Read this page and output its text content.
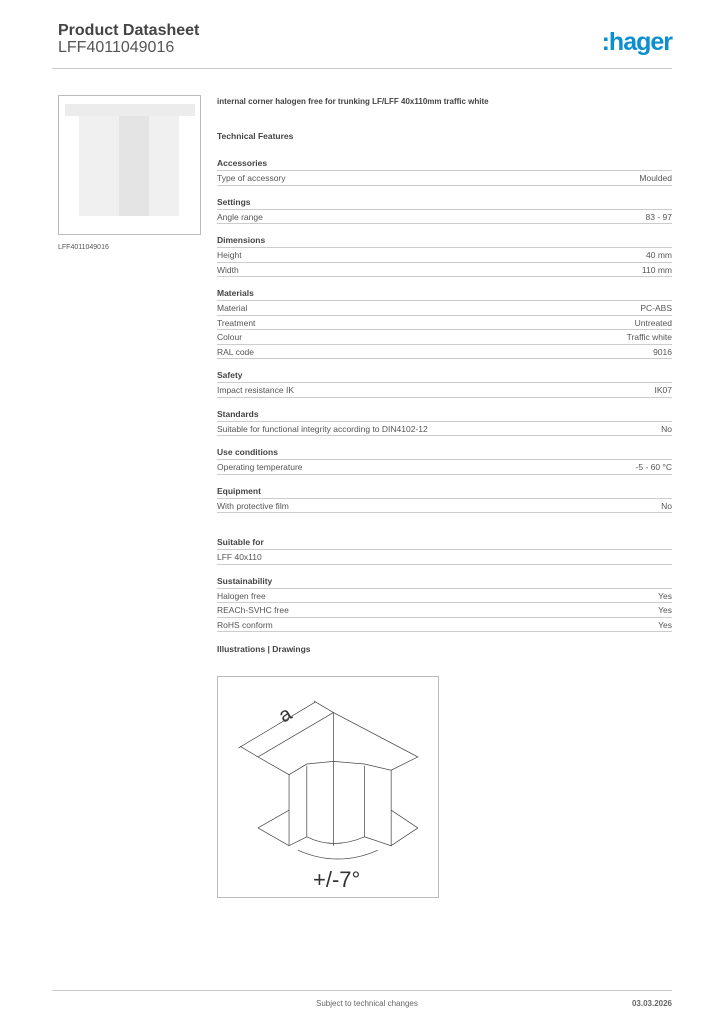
Product Datasheet
LFF4011049016	:hager
LFF4011049016
internal corner halogen free for trunking LF/LFF 40x110mm traffic white
Technical Features
Accessories
Type of accessory	Moulded
Settings
Angle range	83 - 97
Dimensions
Height	40 mm
Width	110 mm
Materials
Material	PC-ABS
Treatment	Untreated
Colour	Traffic white
RAL code	9016
Safety
Impact resistance IK	IK07
Standards
Suitable for functional integrity according to DIN4102-12	No
Use conditions
Operating temperature	-5 - 60 °C
Equipment
With protective film	No
Suitable for
LFF 40x110
Sustainability
Halogen free	Yes
REACh-SVHC free	Yes
RoHS conform	Yes
Illustrations | Drawings
a
+/-7°
Subject to technical changes	03.03.2026
